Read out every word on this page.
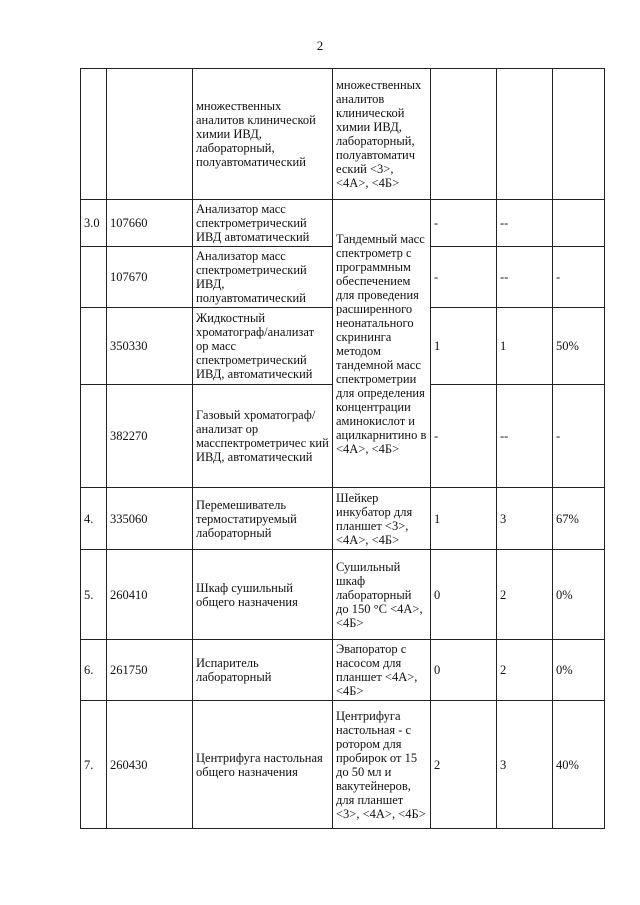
2
		множественных аналитов клинической химии ИВД, лабораторный, полуавтоматический	множественных аналитов клинической химии ИВД, лабораторный, полуавтоматич еский <3>, <4А>, <4Б>			
3.0	107660	Анализатор масс спектрометрический ИВД автоматический	Тандемный масс спектрометр с программным обеспечением для проведения расширенного неонатального скрининга методом тандемной масс спектрометрии для определения концентрации аминокислот и ацилкарнитино в <4А>, <4Б>	-	--	
	107670	Анализатор масс спектрометрический ИВД, полуавтоматический		-	--	-
	350330	Жидкостный хроматограф/анализат ор масс спектрометрический ИВД, автоматический		1	1	50%
	382270	Газовый хроматограф/анализат ор масспектрометричес кий ИВД, автоматический		-	--	-
4.	335060	Перемешиватель термостатируемый лабораторный	Шейкер инкубатор для планшет <3>, <4А>, <4Б>	1	3	67%
5.	260410	Шкаф сушильный общего назначения	Сушильный шкаф лабораторный до 150 °С <4А>, <4Б>	0	2	0%
6.	261750	Испаритель лабораторный	Эвапоратор с насосом для планшет <4А>, <4Б>	0	2	0%
7.	260430	Центрифуга настольная общего назначения	Центрифуга настольная - с ротором для пробирок от 15 до 50 мл и вакутейнеров, для планшет <3>, <4А>, <4Б>	2	3	40%
